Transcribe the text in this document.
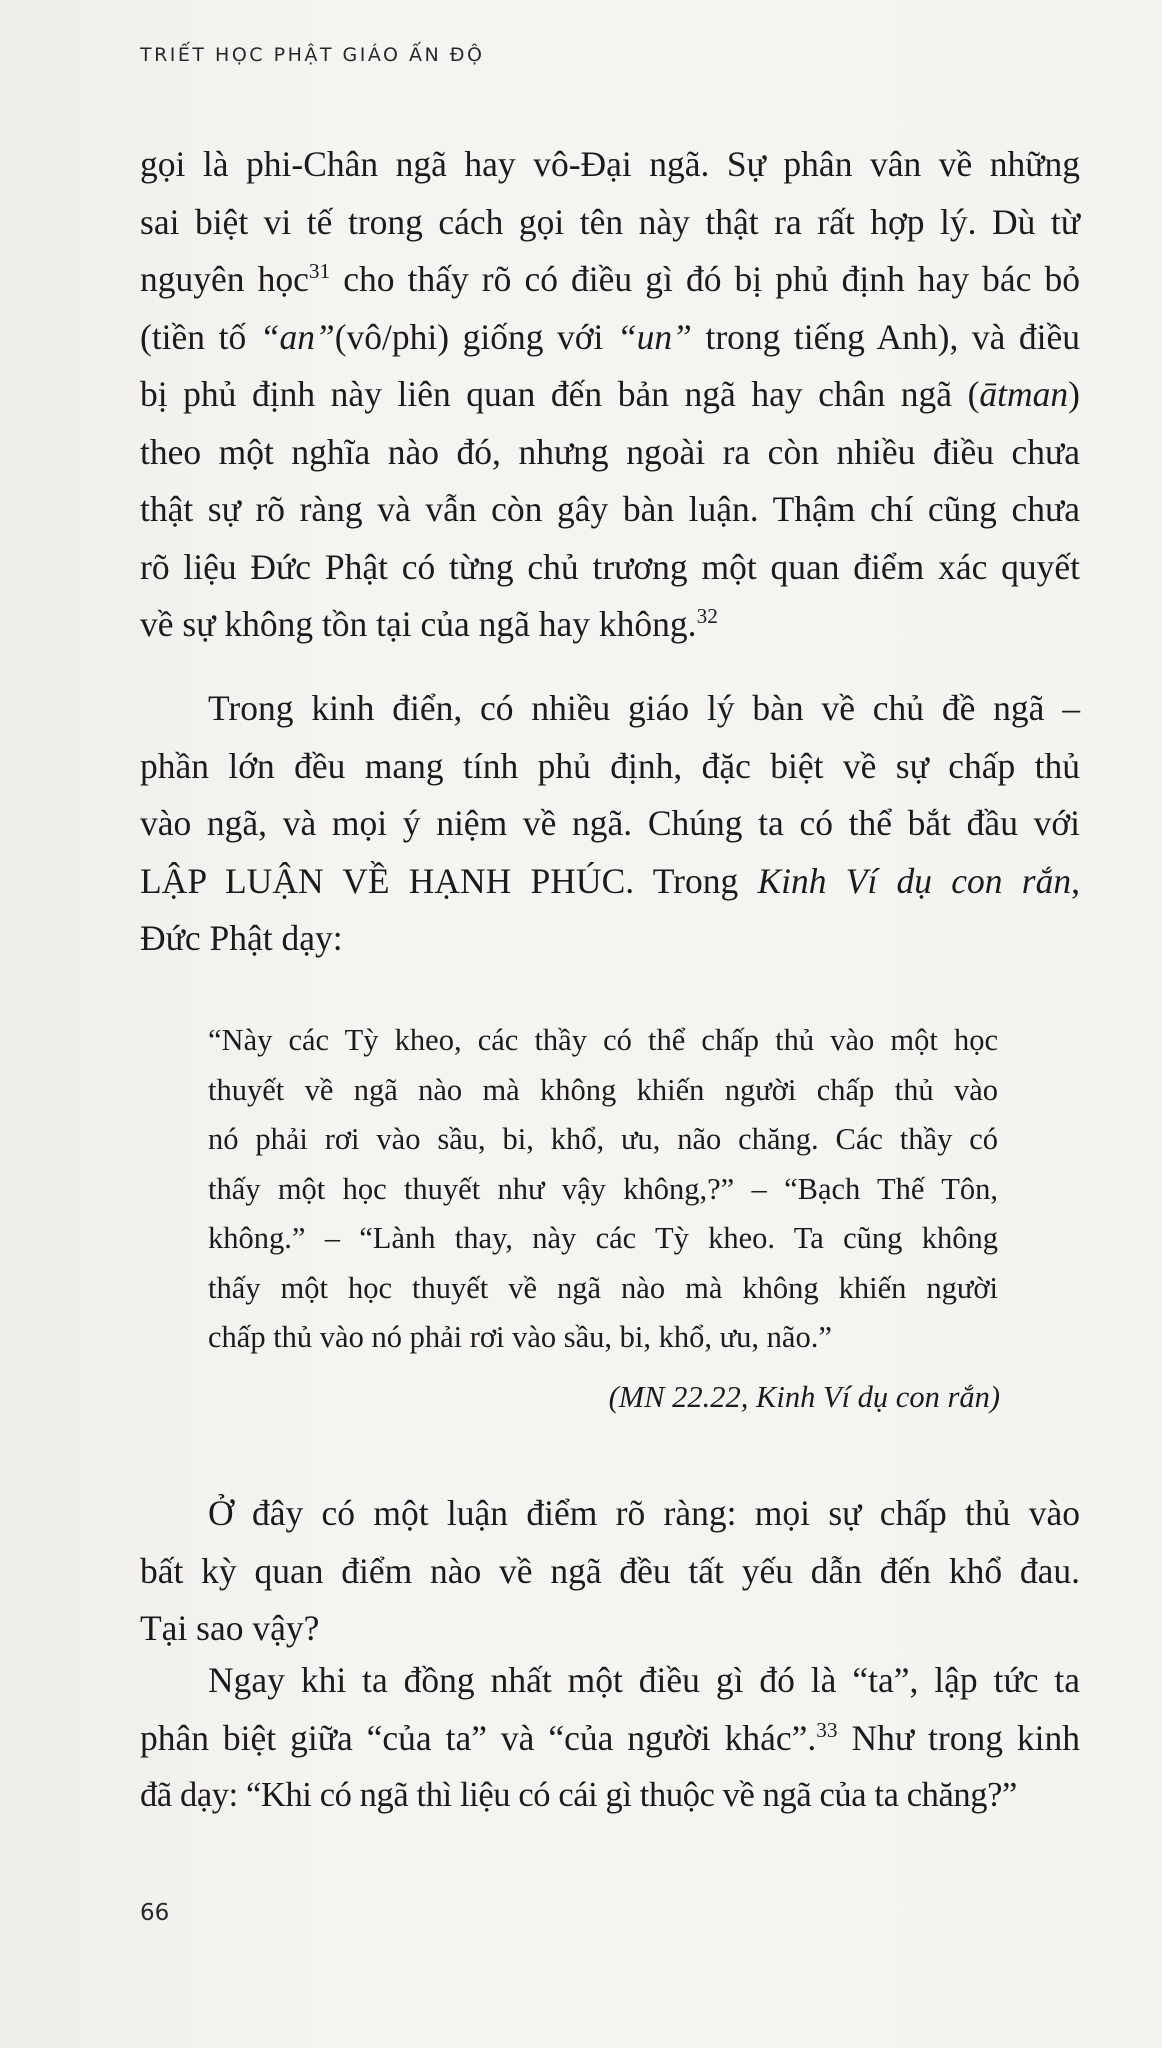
TRIẾT HỌC PHẬT GIÁO ẤN ĐỘ
gọi là phi-Chân ngã hay vô-Đại ngã. Sự phân vân về những
sai biệt vi tế trong cách gọi tên này thật ra rất hợp lý. Dù từ
nguyên học$^{31}$ cho thấy rõ có điều gì đó bị phủ định hay bác bỏ
(tiền tố “an”(vô/phi) giống với “un” trong tiếng Anh), và điều
bị phủ định này liên quan đến bản ngã hay chân ngã (ātman)
theo một nghĩa nào đó, nhưng ngoài ra còn nhiều điều chưa
thật sự rõ ràng và vẫn còn gây bàn luận. Thậm chí cũng chưa
rõ liệu Đức Phật có từng chủ trương một quan điểm xác quyết
về sự không tồn tại của ngã hay không.$^{32}$
Trong kinh điển, có nhiều giáo lý bàn về chủ đề ngã –
phần lớn đều mang tính phủ định, đặc biệt về sự chấp thủ
vào ngã, và mọi ý niệm về ngã. Chúng ta có thể bắt đầu với
LẬP LUẬN VỀ HẠNH PHÚC. Trong Kinh Ví dụ con rắn,
Đức Phật dạy:
“Này các Tỳ kheo, các thầy có thể chấp thủ vào một học
thuyết về ngã nào mà không khiến người chấp thủ vào
nó phải rơi vào sầu, bi, khổ, ưu, não chăng. Các thầy có
thấy một học thuyết như vậy không,?” – “Bạch Thế Tôn,
không.” – “Lành thay, này các Tỳ kheo. Ta cũng không
thấy một học thuyết về ngã nào mà không khiến người
chấp thủ vào nó phải rơi vào sầu, bi, khổ, ưu, não.”
(MN 22.22, Kinh Ví dụ con rắn)
Ở đây có một luận điểm rõ ràng: mọi sự chấp thủ vào
bất kỳ quan điểm nào về ngã đều tất yếu dẫn đến khổ đau.
Tại sao vậy?
Ngay khi ta đồng nhất một điều gì đó là “ta”, lập tức ta
phân biệt giữa “của ta” và “của người khác”.$^{33}$ Như trong kinh
đã dạy: “Khi có ngã thì liệu có cái gì thuộc về ngã của ta chăng?”
66
